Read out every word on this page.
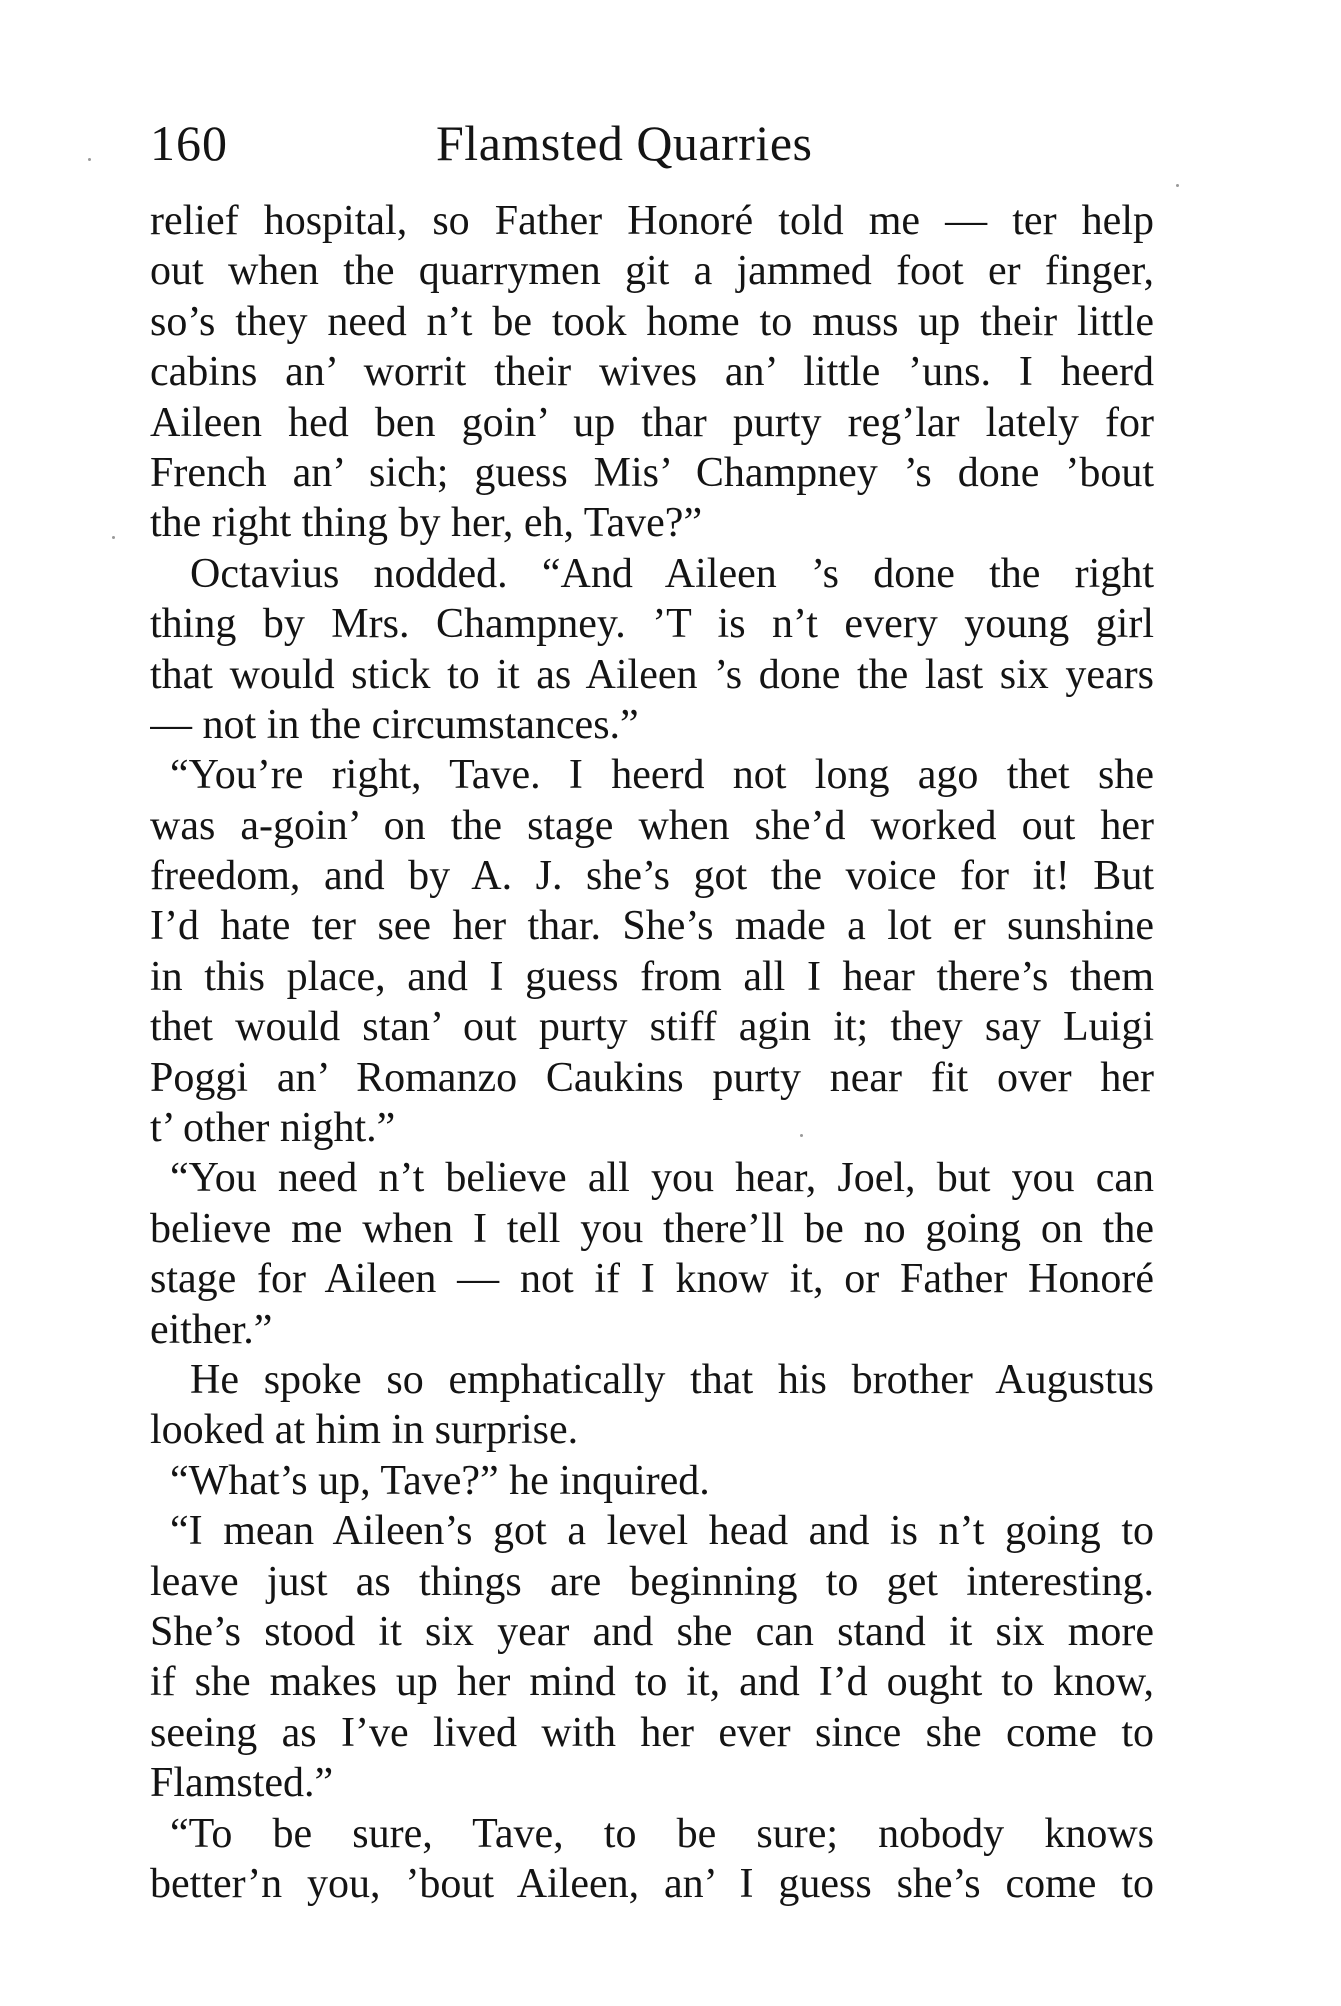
160	Flamsted Quarries
relief hospital, so Father Honoré told me — ter help
out when the quarrymen git a jammed foot er finger,
so’s they need n’t be took home to muss up their little
cabins an’ worrit their wives an’ little ’uns. I heerd
Aileen hed ben goin’ up thar purty reg’lar lately for
French an’ sich; guess Mis’ Champney ’s done ’bout
the right thing by her, eh, Tave?”
Octavius nodded. “And Aileen ’s done the right
thing by Mrs. Champney. ’T is n’t every young girl
that would stick to it as Aileen ’s done the last six years
— not in the circumstances.”
“You’re right, Tave. I heerd not long ago thet she
was a-goin’ on the stage when she’d worked out her
freedom, and by A. J. she’s got the voice for it! But
I’d hate ter see her thar. She’s made a lot er sunshine
in this place, and I guess from all I hear there’s them
thet would stan’ out purty stiff agin it; they say Luigi
Poggi an’ Romanzo Caukins purty near fit over her
t’ other night.”
“You need n’t believe all you hear, Joel, but you can
believe me when I tell you there’ll be no going on the
stage for Aileen — not if I know it, or Father Honoré
either.”
He spoke so emphatically that his brother Augustus
looked at him in surprise.
“What’s up, Tave?” he inquired.
“I mean Aileen’s got a level head and is n’t going to
leave just as things are beginning to get interesting.
She’s stood it six year and she can stand it six more
if she makes up her mind to it, and I’d ought to know,
seeing as I’ve lived with her ever since she come to
Flamsted.”
“To be sure, Tave, to be sure; nobody knows
better’n you, ’bout Aileen, an’ I guess she’s come to
